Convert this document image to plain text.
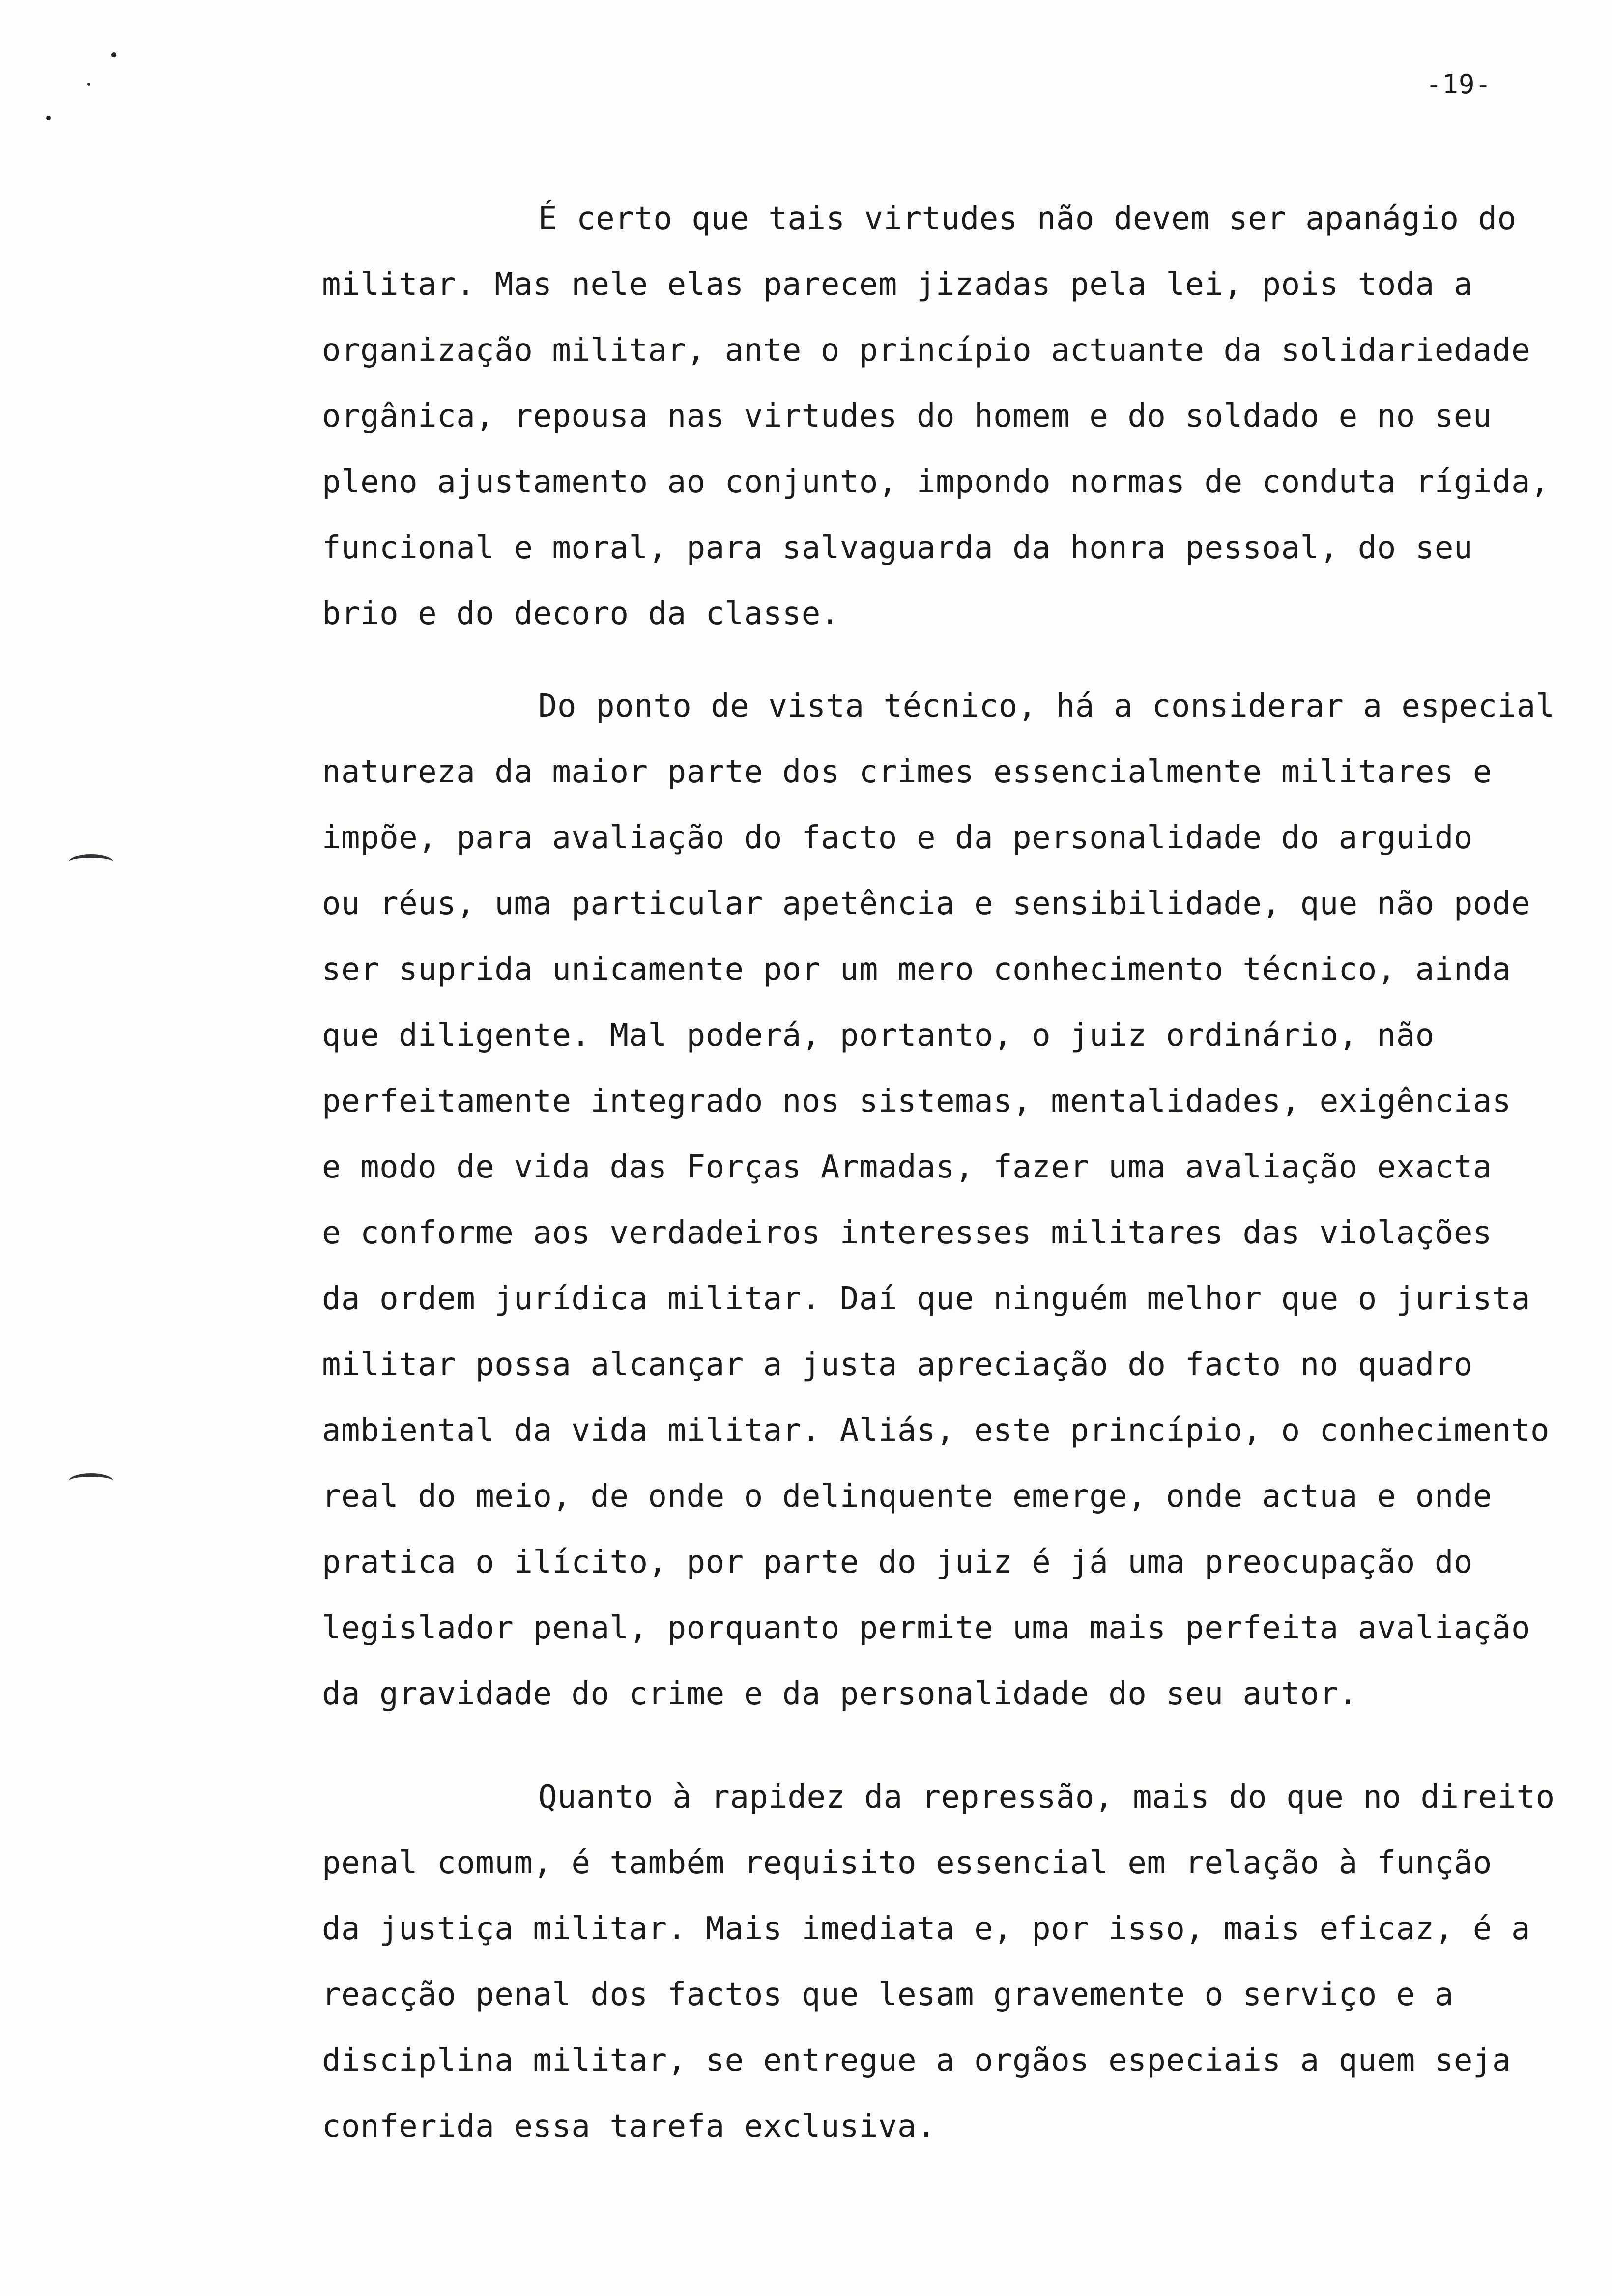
-19-
É certo que tais virtudes não devem ser apanágio do
militar. Mas nele elas parecem jizadas pela lei, pois toda a
organização militar, ante o princípio actuante da solidariedade
orgânica, repousa nas virtudes do homem e do soldado e no seu
pleno ajustamento ao conjunto, impondo normas de conduta rígida,
funcional e moral, para salvaguarda da honra pessoal, do seu
brio e do decoro da classe.
Do ponto de vista técnico, há a considerar a especial
natureza da maior parte dos crimes essencialmente militares e
impõe, para avaliação do facto e da personalidade do arguido
ou réus, uma particular apetência e sensibilidade, que não pode
ser suprida unicamente por um mero conhecimento técnico, ainda
que diligente. Mal poderá, portanto, o juiz ordinário, não
perfeitamente integrado nos sistemas, mentalidades, exigências
e modo de vida das Forças Armadas, fazer uma avaliação exacta
e conforme aos verdadeiros interesses militares das violações
da ordem jurídica militar. Daí que ninguém melhor que o jurista
militar possa alcançar a justa apreciação do facto no quadro
ambiental da vida militar. Aliás, este princípio, o conhecimento
real do meio, de onde o delinquente emerge, onde actua e onde
pratica o ilícito, por parte do juiz é já uma preocupação do
legislador penal, porquanto permite uma mais perfeita avaliação
da gravidade do crime e da personalidade do seu autor.
Quanto à rapidez da repressão, mais do que no direito
penal comum, é também requisito essencial em relação à função
da justiça militar. Mais imediata e, por isso, mais eficaz, é a
reacção penal dos factos que lesam gravemente o serviço e a
disciplina militar, se entregue a orgãos especiais a quem seja
conferida essa tarefa exclusiva.
